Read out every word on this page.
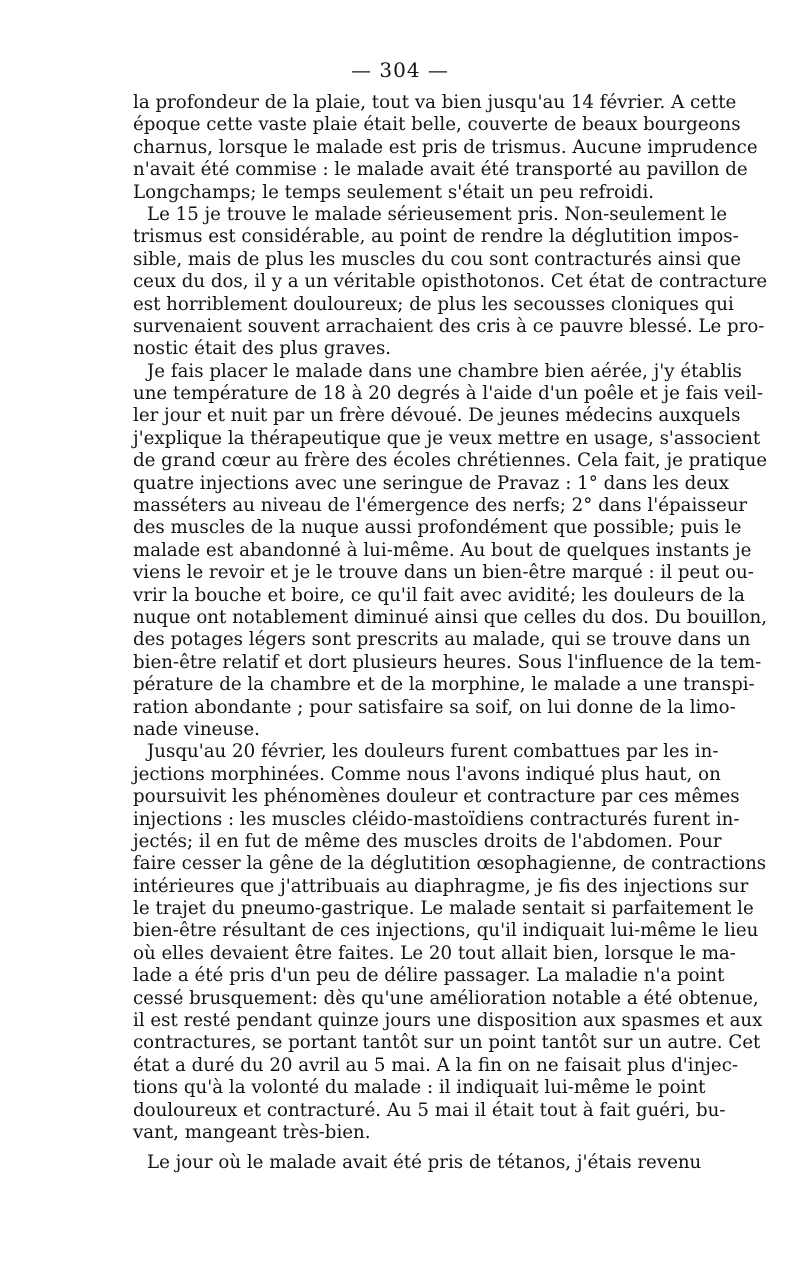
— 304 —
la profondeur de la plaie, tout va bien jusqu'au 14 février. A cette
époque cette vaste plaie était belle, couverte de beaux bourgeons
charnus, lorsque le malade est pris de trismus. Aucune imprudence
n'avait été commise : le malade avait été transporté au pavillon de
Longchamps; le temps seulement s'était un peu refroidi.
Le 15 je trouve le malade sérieusement pris. Non-seulement le
trismus est considérable, au point de rendre la déglutition impos-
sible, mais de plus les muscles du cou sont contracturés ainsi que
ceux du dos, il y a un véritable opisthotonos. Cet état de contracture
est horriblement douloureux; de plus les secousses cloniques qui
survenaient souvent arrachaient des cris à ce pauvre blessé. Le pro-
nostic était des plus graves.
Je fais placer le malade dans une chambre bien aérée, j'y établis
une température de 18 à 20 degrés à l'aide d'un poêle et je fais veil-
ler jour et nuit par un frère dévoué. De jeunes médecins auxquels
j'explique la thérapeutique que je veux mettre en usage, s'associent
de grand cœur au frère des écoles chrétiennes. Cela fait, je pratique
quatre injections avec une seringue de Pravaz : 1° dans les deux
masséters au niveau de l'émergence des nerfs; 2° dans l'épaisseur
des muscles de la nuque aussi profondément que possible; puis le
malade est abandonné à lui-même. Au bout de quelques instants je
viens le revoir et je le trouve dans un bien-être marqué : il peut ou-
vrir la bouche et boire, ce qu'il fait avec avidité; les douleurs de la
nuque ont notablement diminué ainsi que celles du dos. Du bouillon,
des potages légers sont prescrits au malade, qui se trouve dans un
bien-être relatif et dort plusieurs heures. Sous l'influence de la tem-
pérature de la chambre et de la morphine, le malade a une transpi-
ration abondante ; pour satisfaire sa soif, on lui donne de la limo-
nade vineuse.
Jusqu'au 20 février, les douleurs furent combattues par les in-
jections morphinées. Comme nous l'avons indiqué plus haut, on
poursuivit les phénomènes douleur et contracture par ces mêmes
injections : les muscles cléido-mastoïdiens contracturés furent in-
jectés; il en fut de même des muscles droits de l'abdomen. Pour
faire cesser la gêne de la déglutition œsophagienne, de contractions
intérieures que j'attribuais au diaphragme, je fis des injections sur
le trajet du pneumo-gastrique. Le malade sentait si parfaitement le
bien-être résultant de ces injections, qu'il indiquait lui-même le lieu
où elles devaient être faites. Le 20 tout allait bien, lorsque le ma-
lade a été pris d'un peu de délire passager. La maladie n'a point
cessé brusquement: dès qu'une amélioration notable a été obtenue,
il est resté pendant quinze jours une disposition aux spasmes et aux
contractures, se portant tantôt sur un point tantôt sur un autre. Cet
état a duré du 20 avril au 5 mai. A la fin on ne faisait plus d'injec-
tions qu'à la volonté du malade : il indiquait lui-même le point
douloureux et contracturé. Au 5 mai il était tout à fait guéri, bu-
vant, mangeant très-bien.
Le jour où le malade avait été pris de tétanos, j'étais revenu
